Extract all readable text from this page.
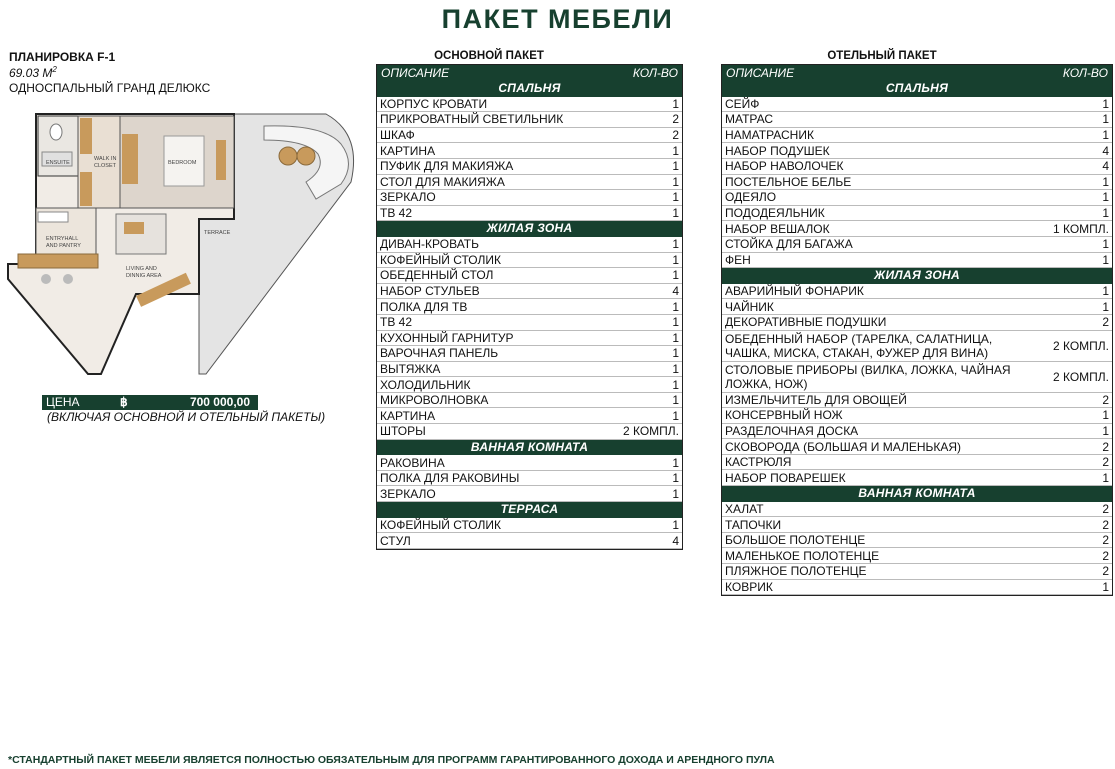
ПАКЕТ МЕБЕЛИ
ПЛАНИРОВКА F-1
69.03 $М^2$
ОДНОСПАЛЬНЫЙ ГРАНД ДЕЛЮКС
ENSUITE
WALK IN
CLOSET	BEDROOM
TERRACE
ENTRYHALL
AND PANTRY
LIVING AND
DINNIG AREA
ЦЕНА	฿	700 000,00
(ВКЛЮЧАЯ ОСНОВНОЙ И ОТЕЛЬНЫЙ ПАКЕТЫ)
ОСНОВНОЙ ПАКЕТ
ОПИСАНИЕ	КОЛ-ВО
СПАЛЬНЯ
КОРПУС КРОВАТИ	1
ПРИКРОВАТНЫЙ СВЕТИЛЬНИК	2
ШКАФ	2
КАРТИНА	1
ПУФИК ДЛЯ МАКИЯЖА	1
СТОЛ ДЛЯ МАКИЯЖА	1
ЗЕРКАЛО	1
ТВ 42	1
ЖИЛАЯ ЗОНА
ДИВАН-КРОВАТЬ	1
КОФЕЙНЫЙ СТОЛИК	1
ОБЕДЕННЫЙ СТОЛ	1
НАБОР СТУЛЬЕВ	4
ПОЛКА ДЛЯ ТВ	1
ТВ 42	1
КУХОННЫЙ ГАРНИТУР	1
ВАРОЧНАЯ ПАНЕЛЬ	1
ВЫТЯЖКА	1
ХОЛОДИЛЬНИК	1
МИКРОВОЛНОВКА	1
КАРТИНА	1
ШТОРЫ	2 КОМПЛ.
ВАННАЯ КОМНАТА
РАКОВИНА	1
ПОЛКА ДЛЯ РАКОВИНЫ	1
ЗЕРКАЛО	1
ТЕРРАСА
КОФЕЙНЫЙ СТОЛИК	1
СТУЛ	4
ОТЕЛЬНЫЙ ПАКЕТ
ОПИСАНИЕ	КОЛ-ВО
СПАЛЬНЯ
СЕЙФ	1
МАТРАС	1
НАМАТРАСНИК	1
НАБОР ПОДУШЕК	4
НАБОР НАВОЛОЧЕК	4
ПОСТЕЛЬНОЕ БЕЛЬЕ	1
ОДЕЯЛО	1
ПОДОДЕЯЛЬНИК	1
НАБОР ВЕШАЛОК	1 КОМПЛ.
СТОЙКА ДЛЯ БАГАЖА	1
ФЕН	1
ЖИЛАЯ ЗОНА
АВАРИЙНЫЙ ФОНАРИК	1
ЧАЙНИК	1
ДЕКОРАТИВНЫЕ ПОДУШКИ	2
ОБЕДЕННЫЙ НАБОР (ТАРЕЛКА, САЛАТНИЦА, ЧАШКА, МИСКА, СТАКАН, ФУЖЕР ДЛЯ ВИНА)	2 КОМПЛ.
СТОЛОВЫЕ ПРИБОРЫ (ВИЛКА, ЛОЖКА, ЧАЙНАЯ ЛОЖКА, НОЖ)	2 КОМПЛ.
ИЗМЕЛЬЧИТЕЛЬ ДЛЯ ОВОЩЕЙ	2
КОНСЕРВНЫЙ НОЖ	1
РАЗДЕЛОЧНАЯ ДОСКА	1
СКОВОРОДА (БОЛЬШАЯ И МАЛЕНЬКАЯ)	2
КАСТРЮЛЯ	2
НАБОР ПОВАРЕШЕК	1
ВАННАЯ КОМНАТА
ХАЛАТ	2
ТАПОЧКИ	2
БОЛЬШОЕ ПОЛОТЕНЦЕ	2
МАЛЕНЬКОЕ ПОЛОТЕНЦЕ	2
ПЛЯЖНОЕ ПОЛОТЕНЦЕ	2
КОВРИК	1
*СТАНДАРТНЫЙ ПАКЕТ МЕБЕЛИ ЯВЛЯЕТСЯ ПОЛНОСТЬЮ ОБЯЗАТЕЛЬНЫМ ДЛЯ ПРОГРАММ ГАРАНТИРОВАННОГО ДОХОДА И АРЕНДНОГО ПУЛА
